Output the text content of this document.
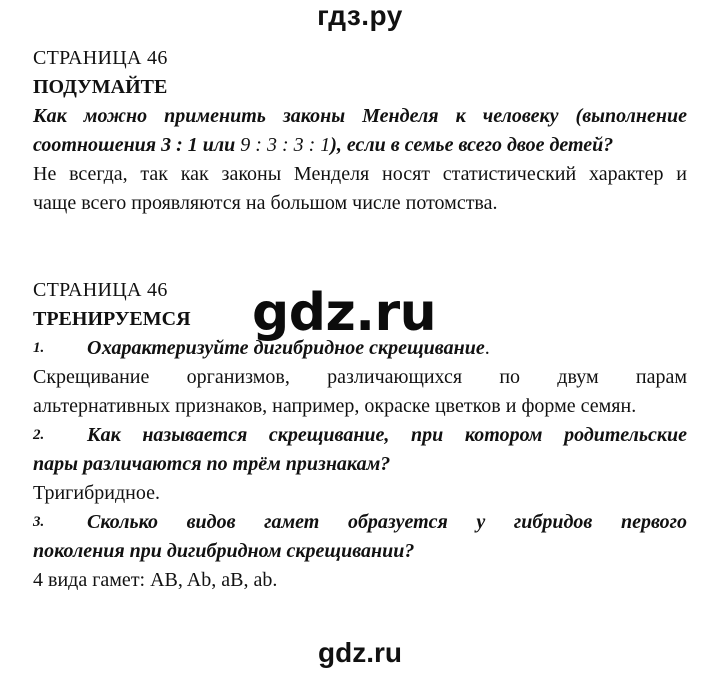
гдз.ру
СТРАНИЦА 46
ПОДУМАЙТЕ
Как можно применить законы Менделя к человеку (выполнение
соотношения 3 : 1 или 9 : 3 : 3 : 1), если в семье всего двое детей?
Не всегда, так как законы Менделя носят статистический характер и
чаще всего проявляются на большом числе потомства.
СТРАНИЦА 46
ТРЕНИРУЕМСЯ
1.	Охарактеризуйте дигибридное скрещивание.
Скрещивание организмов, различающихся по двум парам
альтернативных признаков, например, окраске цветков и форме семян.
2.	Как называется скрещивание, при котором родительские
пары различаются по трём признакам?
Тригибридное.
3.	Сколько видов гамет образуется у гибридов первого
поколения при дигибридном скрещивании?
4 вида гамет: AB, Ab, aB, ab.
gdz.ru
gdz.ru
